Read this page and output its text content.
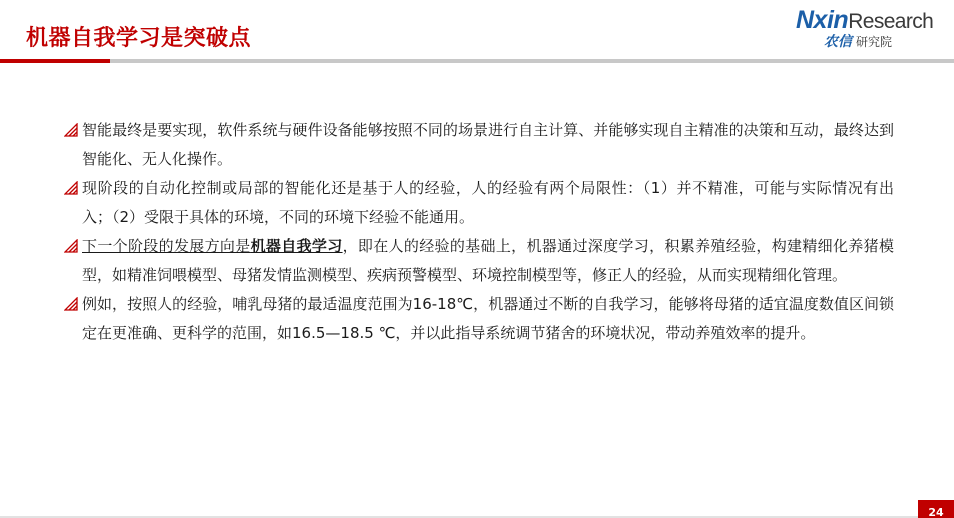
机器自我学习是突破点
NxinResearch
农信 研究院
智能最终是要实现，软件系统与硬件设备能够按照不同的场景进行自主计算、并能够实现自主精准的决策和互动，最终达到智能化、无人化操作。
现阶段的自动化控制或局部的智能化还是基于人的经验，人的经验有两个局限性：（1）并不精准，可能与实际情况有出入；（2）受限于具体的环境，不同的环境下经验不能通用。
下一个阶段的发展方向是机器自我学习，即在人的经验的基础上，机器通过深度学习，积累养殖经验，构建精细化养猪模型，如精准饲喂模型、母猪发情监测模型、疾病预警模型、环境控制模型等，修正人的经验，从而实现精细化管理。
例如，按照人的经验，哺乳母猪的最适温度范围为16-18℃，机器通过不断的自我学习，能够将母猪的适宜温度数值区间锁定在更准确、更科学的范围，如16.5—18.5 ℃，并以此指导系统调节猪舍的环境状况，带动养殖效率的提升。
24
